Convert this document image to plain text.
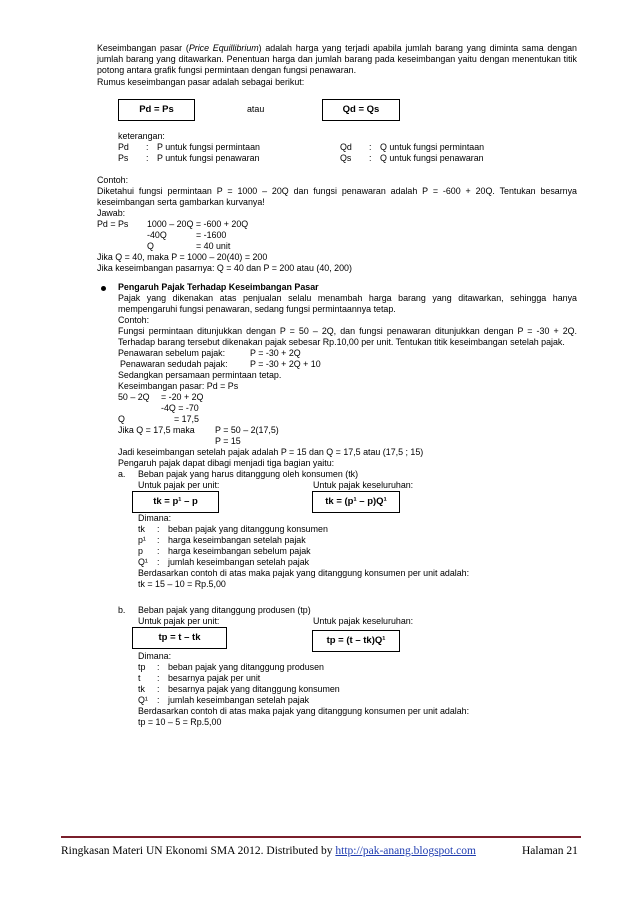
Keseimbangan pasar (Price Equillibrium) adalah harga yang terjadi apabila jumlah barang yang diminta sama dengan jumlah barang yang ditawarkan. Penentuan harga dan jumlah barang pada keseimbangan yaitu dengan menentukan titik potong antara grafik fungsi permintaan dengan fungsi penawaran.
Rumus keseimbangan pasar adalah sebagai berikut:
Pd = Ps	atau	Qd = Qs
keterangan:
Pd : P untuk fungsi permintaan	Qd : Q untuk fungsi permintaan
Ps : P untuk fungsi penawaran	Qs : Q untuk fungsi penawaran
Contoh:
Diketahui fungsi permintaan P = 1000 – 20Q dan fungsi penawaran adalah P = -600 + 20Q. Tentukan besarnya keseimbangan serta gambarkan kurvanya!
Jawab:
Pd = Ps 1000 – 20Q = -600 + 20Q
-40Q	= -1600
Q	= 40 unit
Jika Q = 40, maka P = 1000 – 20(40) = 200
Jika keseimbangan pasarnya: Q = 40 dan P = 200 atau (40, 200)
Pengaruh Pajak Terhadap Keseimbangan Pasar
Pajak yang dikenakan atas penjualan selalu menambah harga barang yang ditawarkan, sehingga hanya mempengaruhi fungsi penawaran, sedang fungsi permintaannya tetap.
Contoh:
Fungsi permintaan ditunjukkan dengan P = 50 – 2Q, dan fungsi penawaran ditunjukkan dengan P = -30 + 2Q. Terhadap barang tersebut dikenakan pajak sebesar Rp.10,00 per unit. Tentukan titik keseimbangan setelah pajak.
Penawaran sebelum pajak:	P = -30 + 2Q
Penawaran sedudah pajak:	P = -30 + 2Q + 10
Sedangkan persamaan permintaan tetap.
Keseimbangan pasar: Pd = Ps
50 – 2Q = -20 + 2Q
-4Q = -70
Q	= 17,5
Jika Q = 17,5 maka P = 50 – 2(17,5)
P = 15
Jadi keseimbangan setelah pajak adalah P = 15 dan Q = 17,5 atau (17,5 ; 15)
Pengaruh pajak dapat dibagi menjadi tiga bagian yaitu:
a. Beban pajak yang harus ditanggung oleh konsumen (tk)
Untuk pajak per unit:	Untuk pajak keseluruhan:
tk = p¹ – p	tk = (p¹ – p)Q¹
Dimana:
tk : beban pajak yang ditanggung konsumen
p¹ : harga keseimbangan setelah pajak
p : harga keseimbangan sebelum pajak
Q¹ : jumlah keseimbangan setelah pajak
Berdasarkan contoh di atas maka pajak yang ditanggung konsumen per unit adalah:
tk = 15 – 10 = Rp.5,00
b. Beban pajak yang ditanggung produsen (tp)
Untuk pajak per unit:	Untuk pajak keseluruhan:
tp = t – tk	tp = (t – tk)Q¹
Dimana:
tp : beban pajak yang ditanggung produsen
t : besarnya pajak per unit
tk : besarnya pajak yang ditanggung konsumen
Q¹ : jumlah keseimbangan setelah pajak
Berdasarkan contoh di atas maka pajak yang ditanggung konsumen per unit adalah:
tp = 10 – 5 = Rp.5,00
Ringkasan Materi UN Ekonomi SMA 2012. Distributed by http://pak-anang.blogspot.com	Halaman 21
